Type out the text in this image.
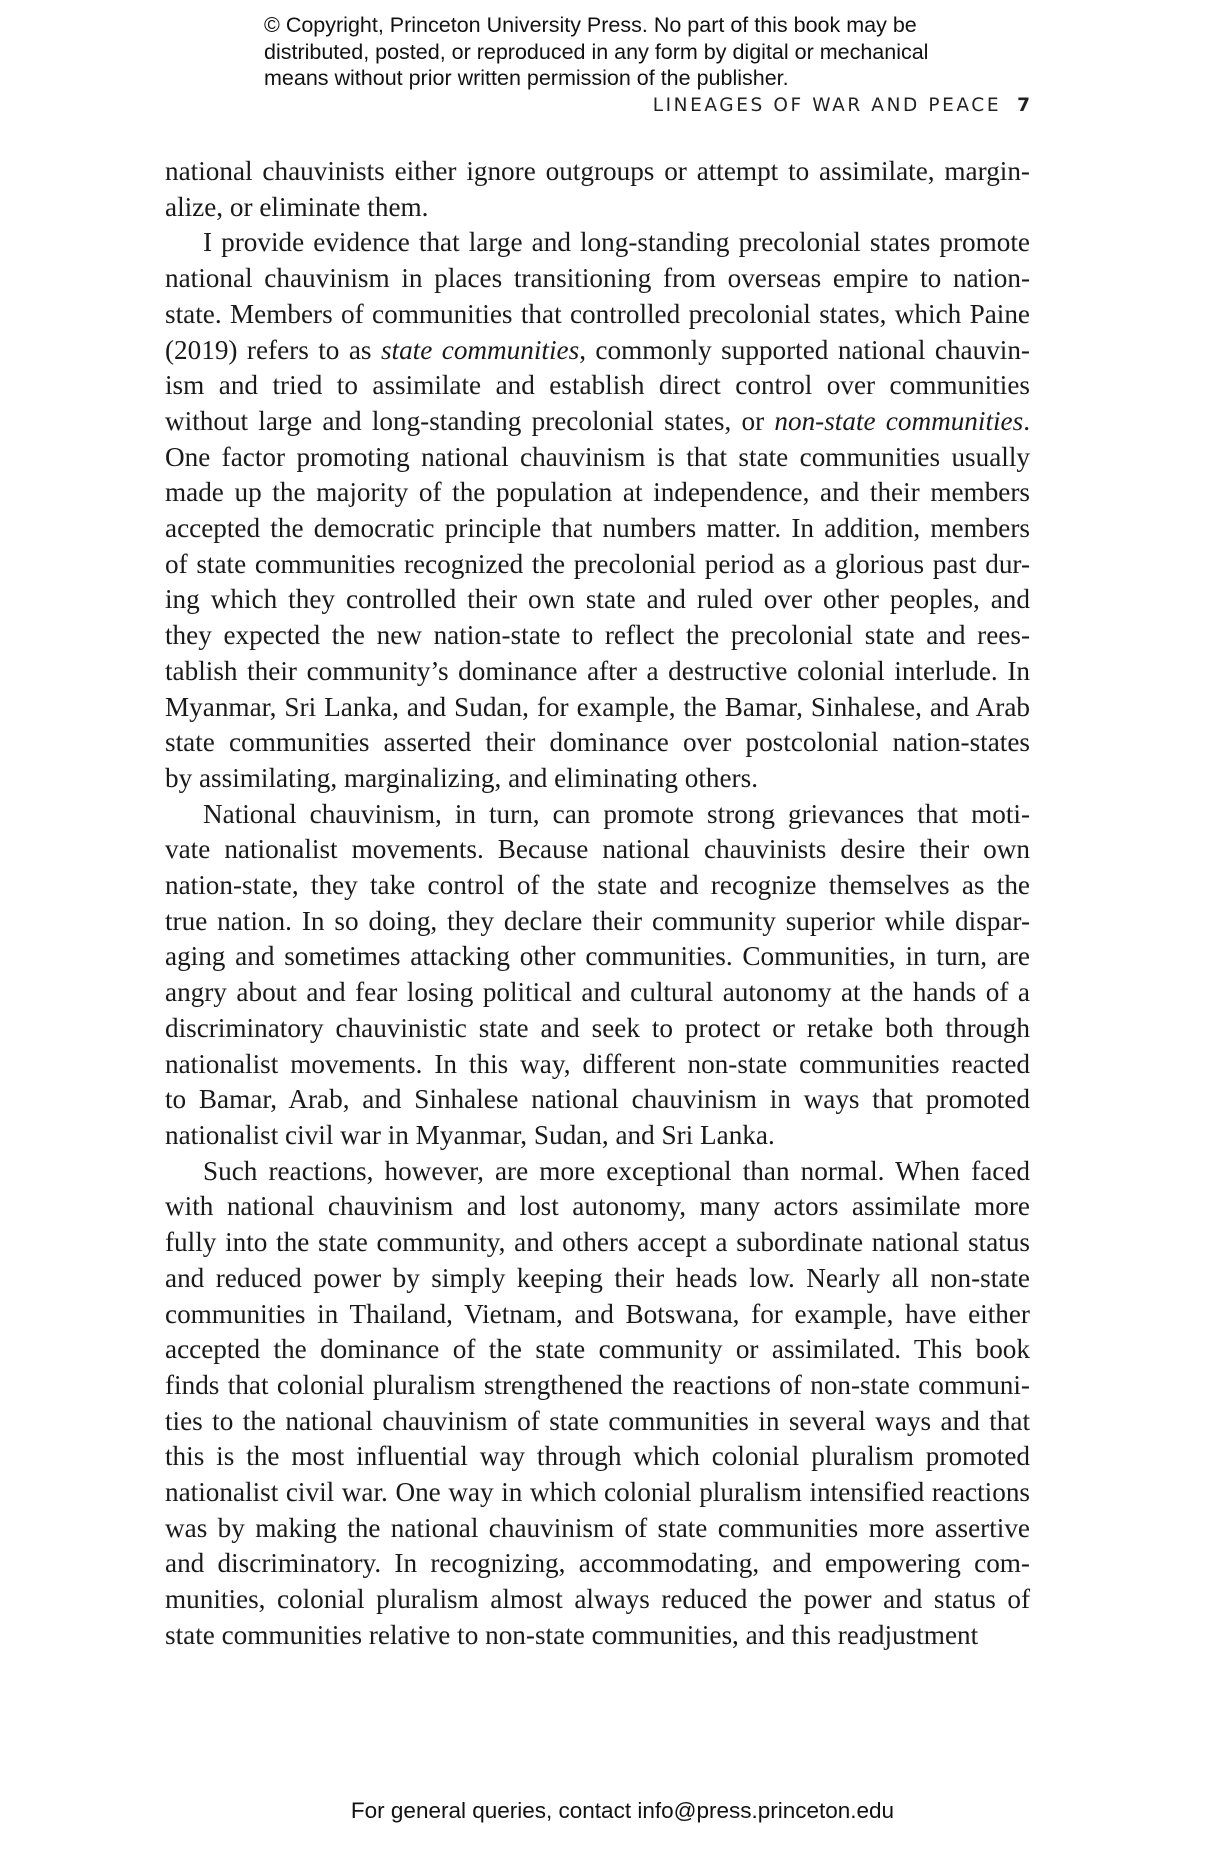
© Copyright, Princeton University Press. No part of this book may be
distributed, posted, or reproduced in any form by digital or mechanical
means without prior written permission of the publisher.
LINEAGES OF WAR AND PEACE 7
national chauvinists either ignore outgroups or attempt to assimilate, margin-
alize, or eliminate them.
I provide evidence that large and long-standing precolonial states promote
national chauvinism in places transitioning from overseas empire to nation-
state. Members of communities that controlled precolonial states, which Paine
(2019) refers to as state communities, commonly supported national chauvin-
ism and tried to assimilate and establish direct control over communities
without large and long-standing precolonial states, or non-state communities.
One factor promoting national chauvinism is that state communities usually
made up the majority of the population at independence, and their members
accepted the democratic principle that numbers matter. In addition, members
of state communities recognized the precolonial period as a glorious past dur-
ing which they controlled their own state and ruled over other peoples, and
they expected the new nation-state to reflect the precolonial state and rees-
tablish their community’s dominance after a destructive colonial interlude. In
Myanmar, Sri Lanka, and Sudan, for example, the Bamar, Sinhalese, and Arab
state communities asserted their dominance over postcolonial nation-states
by assimilating, marginalizing, and eliminating others.
National chauvinism, in turn, can promote strong grievances that moti-
vate nationalist movements. Because national chauvinists desire their own
nation-state, they take control of the state and recognize themselves as the
true nation. In so doing, they declare their community superior while dispar-
aging and sometimes attacking other communities. Communities, in turn, are
angry about and fear losing political and cultural autonomy at the hands of a
discriminatory chauvinistic state and seek to protect or retake both through
nationalist movements. In this way, different non-state communities reacted
to Bamar, Arab, and Sinhalese national chauvinism in ways that promoted
nationalist civil war in Myanmar, Sudan, and Sri Lanka.
Such reactions, however, are more exceptional than normal. When faced
with national chauvinism and lost autonomy, many actors assimilate more
fully into the state community, and others accept a subordinate national status
and reduced power by simply keeping their heads low. Nearly all non-state
communities in Thailand, Vietnam, and Botswana, for example, have either
accepted the dominance of the state community or assimilated. This book
finds that colonial pluralism strengthened the reactions of non-state communi-
ties to the national chauvinism of state communities in several ways and that
this is the most influential way through which colonial pluralism promoted
nationalist civil war. One way in which colonial pluralism intensified reactions
was by making the national chauvinism of state communities more assertive
and discriminatory. In recognizing, accommodating, and empowering com-
munities, colonial pluralism almost always reduced the power and status of
state communities relative to non-state communities, and this readjustment
For general queries, contact info@press.princeton.edu
